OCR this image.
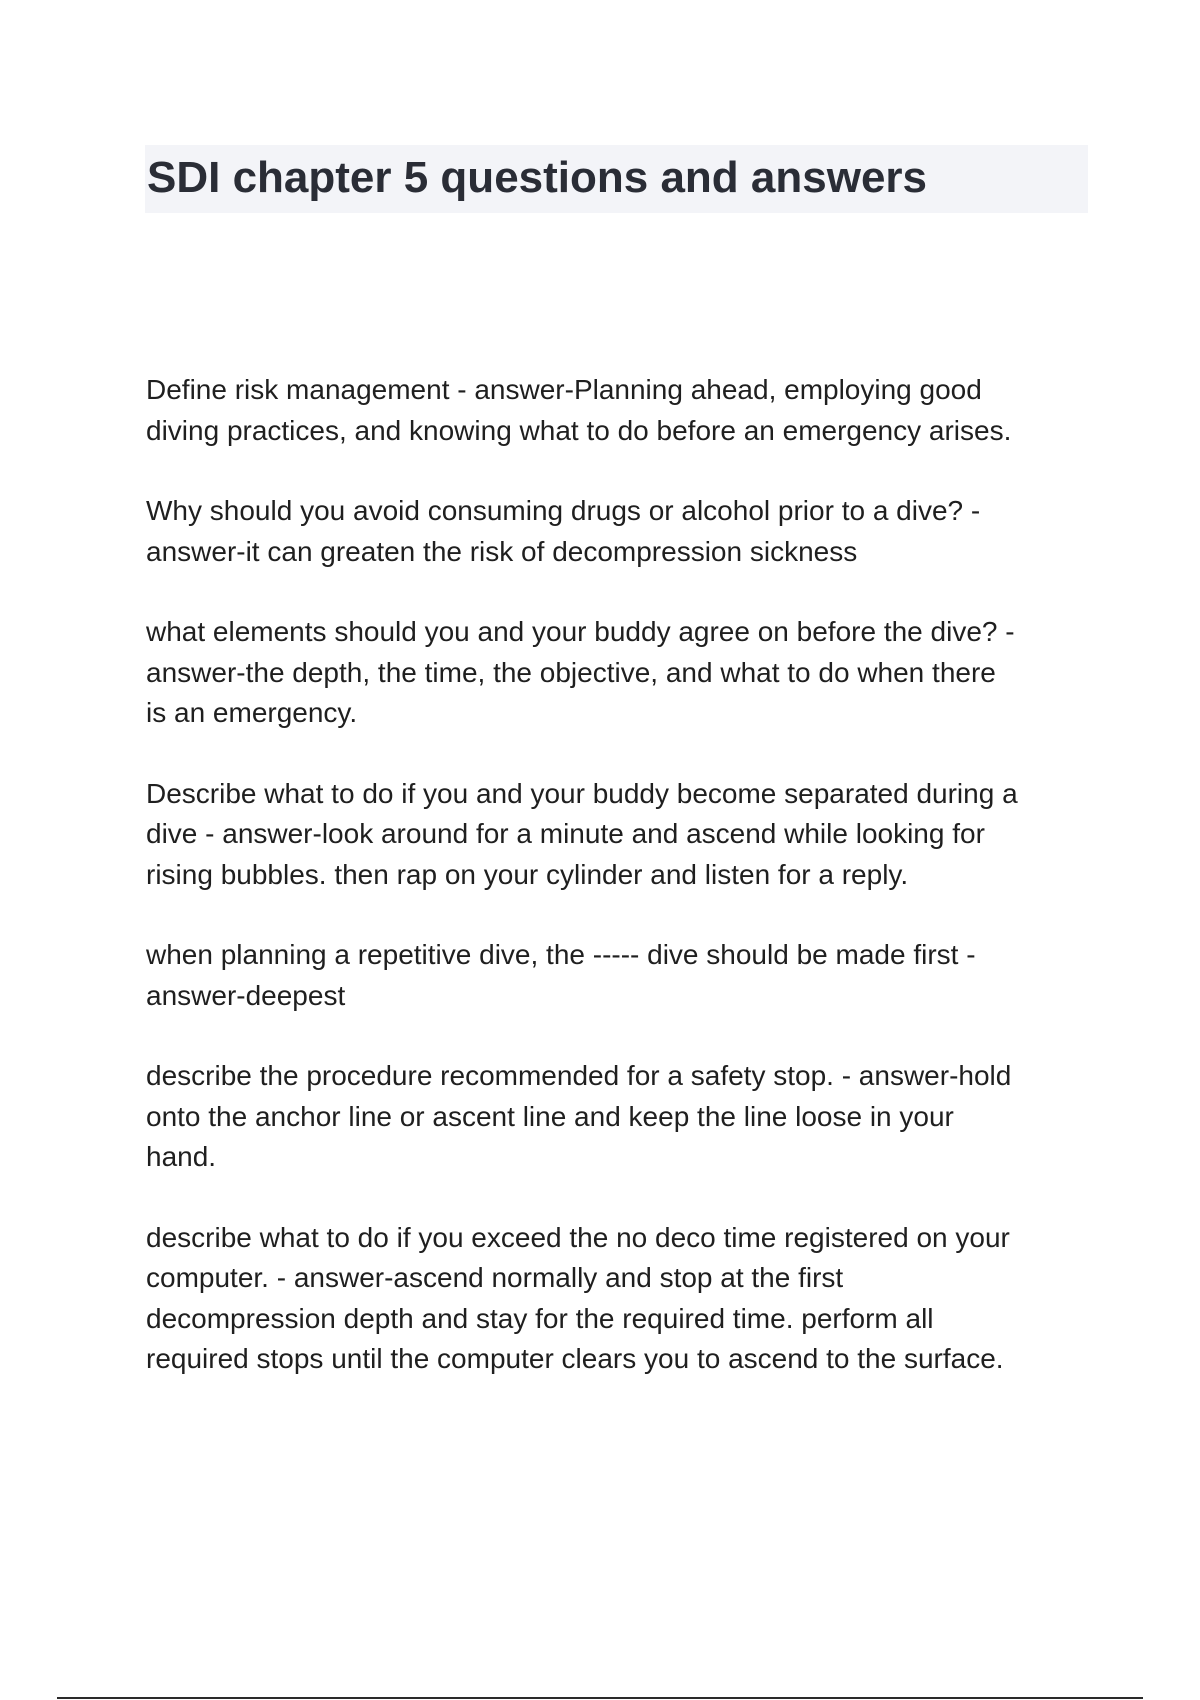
SDI chapter 5 questions and answers

Define risk management - answer-Planning ahead, employing good
diving practices, and knowing what to do before an emergency arises.

Why should you avoid consuming drugs or alcohol prior to a dive? -
answer-it can greaten the risk of decompression sickness

what elements should you and your buddy agree on before the dive? -
answer-the depth, the time, the objective, and what to do when there
is an emergency.

Describe what to do if you and your buddy become separated during a
dive - answer-look around for a minute and ascend while looking for
rising bubbles. then rap on your cylinder and listen for a reply.

when planning a repetitive dive, the ----- dive should be made first -
answer-deepest

describe the procedure recommended for a safety stop. - answer-hold
onto the anchor line or ascent line and keep the line loose in your
hand.

describe what to do if you exceed the no deco time registered on your
computer. - answer-ascend normally and stop at the first
decompression depth and stay for the required time. perform all
required stops until the computer clears you to ascend to the surface.
